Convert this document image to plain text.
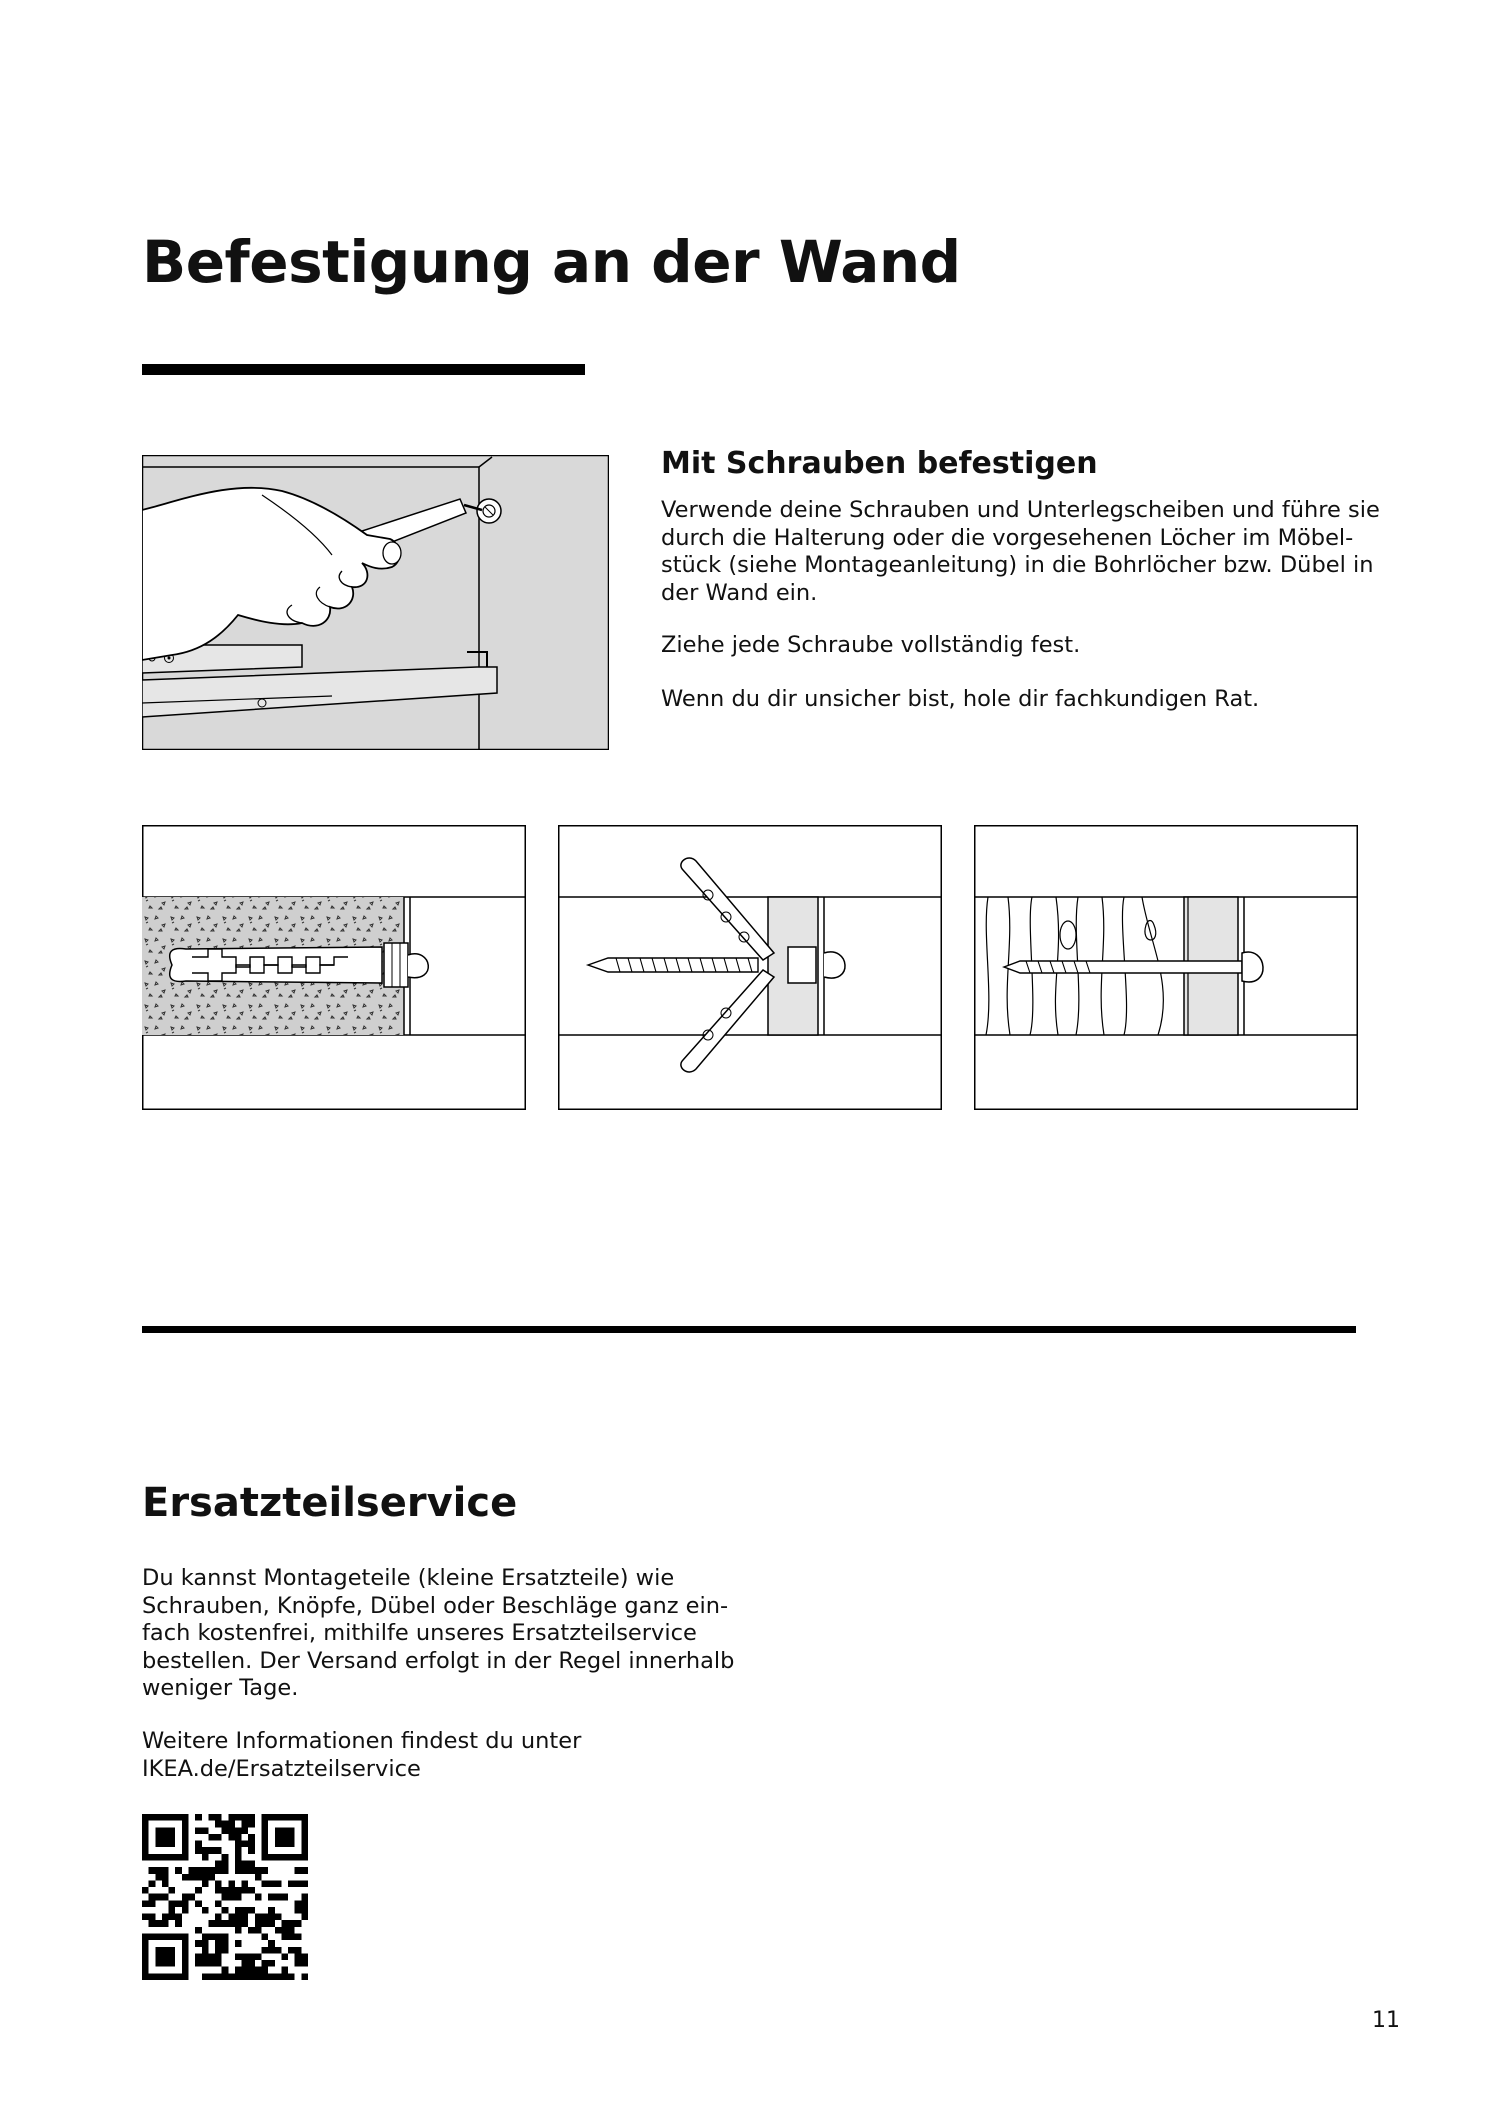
Befestigung an der Wand
Mit Schrauben befestigen

Verwende deine Schrauben und Unterlegscheiben und führe sie
durch die Halterung oder die vorgesehenen Löcher im Möbel-
stück (siehe Montageanleitung) in die Bohrlöcher bzw. Dübel in
der Wand ein.

Ziehe jede Schraube vollständig fest.

Wenn du dir unsicher bist, hole dir fachkundigen Rat.

Ersatzteilservice

Du kannst Montageteile (kleine Ersatzteile) wie
Schrauben, Knöpfe, Dübel oder Beschläge ganz ein-
fach kostenfrei, mithilfe unseres Ersatzteilservice
bestellen. Der Versand erfolgt in der Regel innerhalb
weniger Tage.

Weitere Informationen findest du unter
IKEA.de/Ersatzteilservice

11
